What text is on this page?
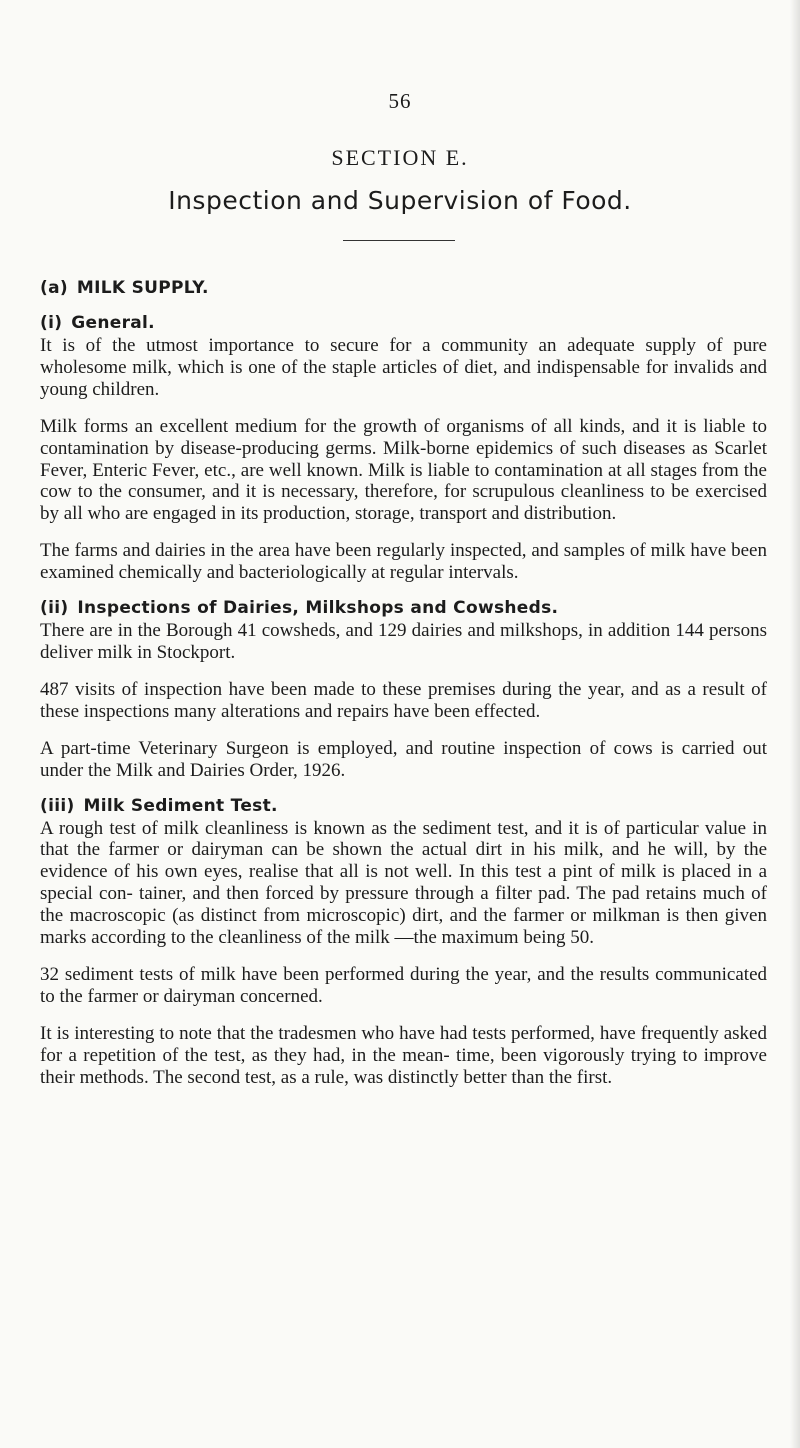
56
SECTION E.
Inspection and Supervision of Food.
(a) MILK SUPPLY.
(i) General.

It is of the utmost importance to secure for a community an adequate supply of pure wholesome milk, which is one of the staple articles of diet, and indispensable for invalids and young children.

Milk forms an excellent medium for the growth of organisms of all kinds, and it is liable to contamination by disease-producing germs. Milk-borne epidemics of such diseases as Scarlet Fever, Enteric Fever, etc., are well known. Milk is liable to contamination at all stages from the cow to the consumer, and it is necessary, therefore, for scrupulous cleanliness to be exercised by all who are engaged in its production, storage, transport and distribution.

The farms and dairies in the area have been regularly inspected, and samples of milk have been examined chemically and bacteriologically at regular intervals.

(ii) Inspections of Dairies, Milkshops and Cowsheds.

There are in the Borough 41 cowsheds, and 129 dairies and milkshops, in addition 144 persons deliver milk in Stockport.

487 visits of inspection have been made to these premises during the year, and as a result of these inspections many alterations and repairs have been effected.

A part-time Veterinary Surgeon is employed, and routine inspection of cows is carried out under the Milk and Dairies Order, 1926.

(iii) Milk Sediment Test.

A rough test of milk cleanliness is known as the sediment test, and it is of particular value in that the farmer or dairyman can be shown the actual dirt in his milk, and he will, by the evidence of his own eyes, realise that all is not well. In this test a pint of milk is placed in a special con- tainer, and then forced by pressure through a filter pad. The pad retains much of the macroscopic (as distinct from microscopic) dirt, and the farmer or milkman is then given marks according to the cleanliness of the milk —the maximum being 50.

32 sediment tests of milk have been performed during the year, and the results communicated to the farmer or dairyman concerned.

It is interesting to note that the tradesmen who have had tests performed, have frequently asked for a repetition of the test, as they had, in the mean- time, been vigorously trying to improve their methods. The second test, as a rule, was distinctly better than the first.
